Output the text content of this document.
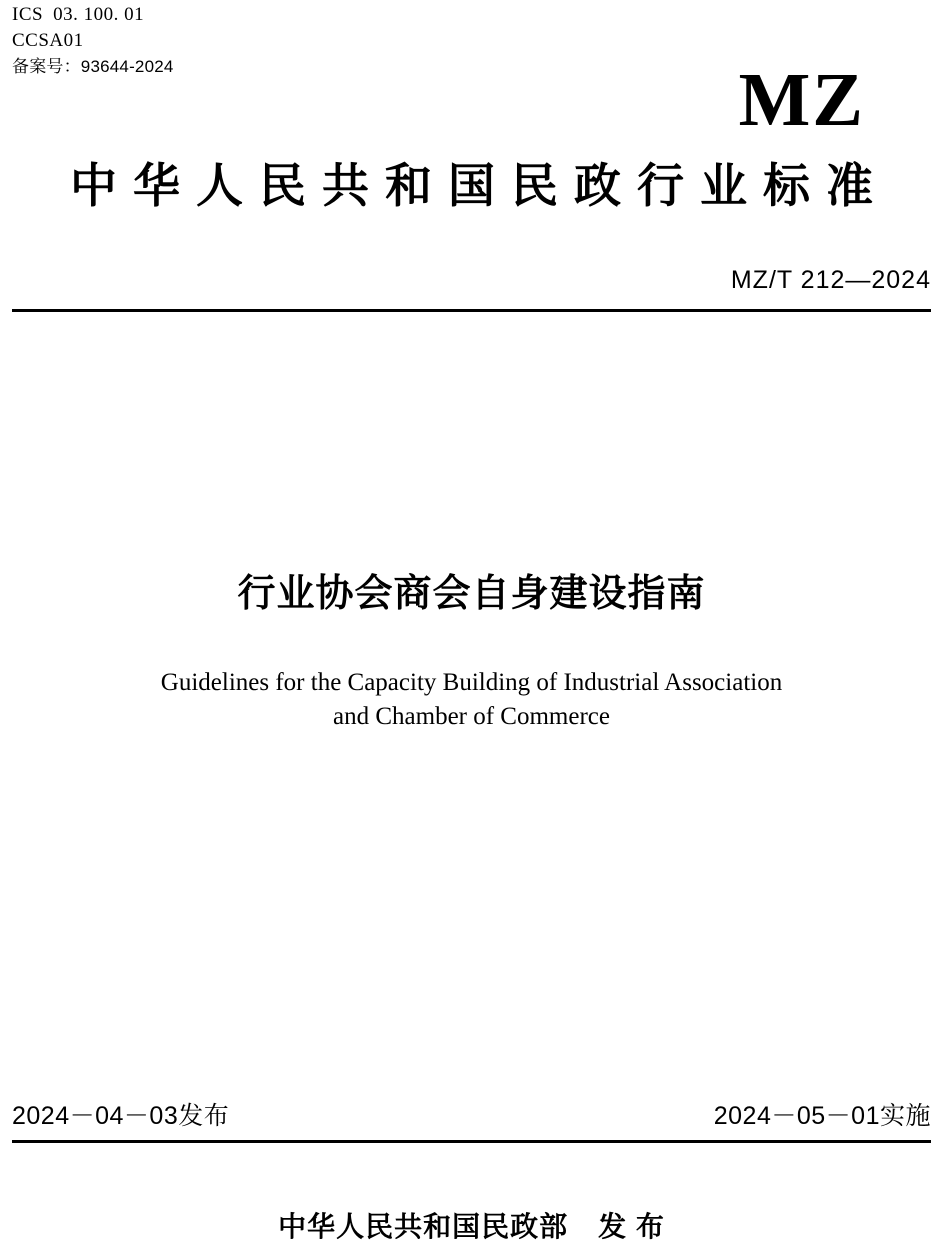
ICS 03. 100. 01
CCSA01
备案号：93644-2024	MZ
中华人民共和国民政行业标准
MZ/T 212—2024
行业协会商会自身建设指南
Guidelines for the Capacity Building of Industrial Association
and Chamber of Commerce
2024－04－03发布	2024－05－01实施
中华人民共和国民政部 发 布
